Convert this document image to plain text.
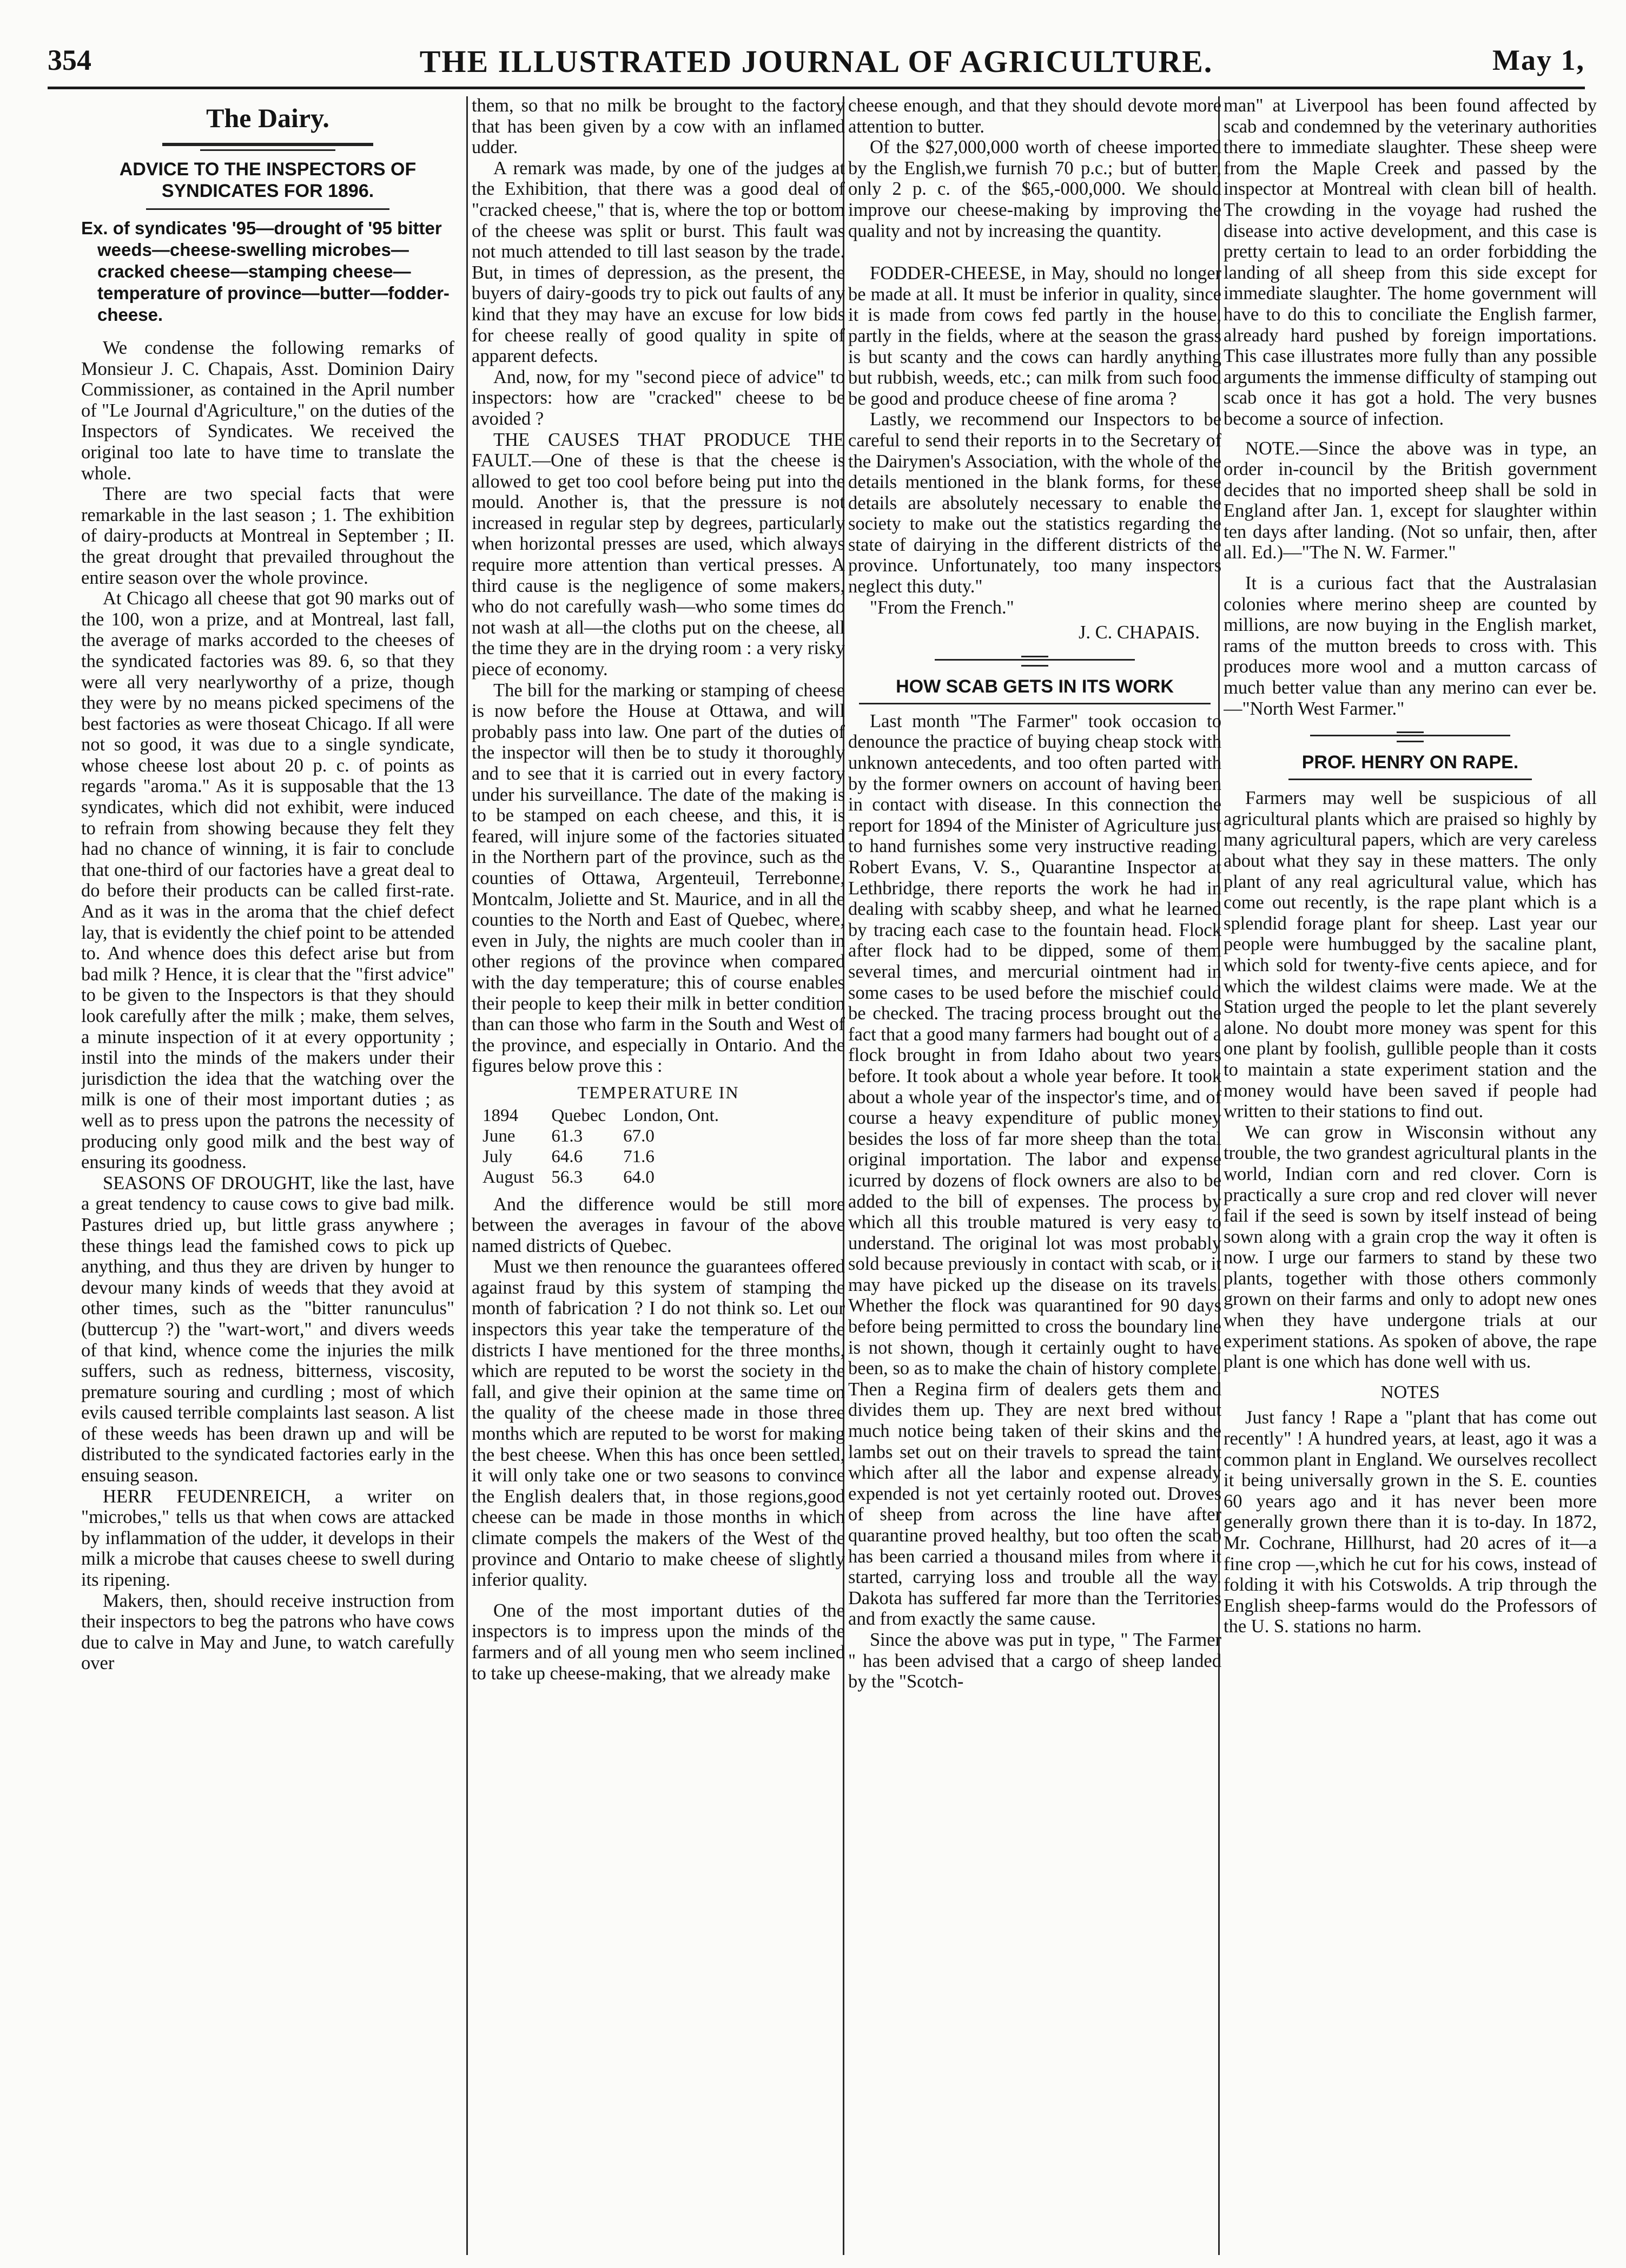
354	THE ILLUSTRATED JOURNAL OF AGRICULTURE.	May 1,
The Dairy.
ADVICE TO THE INSPECTORS OF SYNDICATES FOR 1896.
Ex. of syndicates '95—drought of '95 bitter weeds—cheese-swelling microbes—cracked cheese—stamping cheese—temperature of province—butter—fodder-cheese.

We condense the following remarks of Monsieur J. C. Chapais, Asst. Dominion Dairy Commissioner, as contained in the April number of "Le Journal d'Agriculture," on the duties of the Inspectors of Syndicates. We received the original too late to have time to translate the whole.

There are two special facts that were remarkable in the last season ; 1. The exhibition of dairy-products at Montreal in September ; II. the great drought that prevailed throughout the entire season over the whole province.

At Chicago all cheese that got 90 marks out of the 100, won a prize, and at Montreal, last fall, the average of marks accorded to the cheeses of the syndicated factories was 89. 6, so that they were all very nearlyworthy of a prize, though they were by no means picked specimens of the best factories as were thoseat Chicago. If all were not so good, it was due to a single syndicate, whose cheese lost about 20 p. c. of points as regards "aroma." As it is supposable that the 13 syndicates, which did not exhibit, were induced to refrain from showing because they felt they had no chance of winning, it is fair to conclude that one-third of our factories have a great deal to do before their products can be called first-rate. And as it was in the aroma that the chief defect lay, that is evidently the chief point to be attended to. And whence does this defect arise but from bad milk ? Hence, it is clear that the "first advice" to be given to the Inspectors is that they should look carefully after the milk ; make, them selves, a minute inspection of it at every opportunity ; instil into the minds of the makers under their jurisdiction the idea that the watching over the milk is one of their most important duties ; as well as to press upon the patrons the necessity of producing only good milk and the best way of ensuring its goodness.

SEASONS OF DROUGHT, like the last, have a great tendency to cause cows to give bad milk. Pastures dried up, but little grass anywhere ; these things lead the famished cows to pick up anything, and thus they are driven by hunger to devour many kinds of weeds that they avoid at other times, such as the "bitter ranunculus" (buttercup ?) the "wart-wort," and divers weeds of that kind, whence come the injuries the milk suffers, such as redness, bitterness, viscosity, premature souring and curdling ; most of which evils caused terrible complaints last season. A list of these weeds has been drawn up and will be distributed to the syndicated factories early in the ensuing season.

HERR FEUDENREICH, a writer on "microbes," tells us that when cows are attacked by inflammation of the udder, it develops in their milk a microbe that causes cheese to swell during its ripening.

Makers, then, should receive instruction from their inspectors to beg the patrons who have cows due to calve in May and June, to watch carefully over

them, so that no milk be brought to the factory that has been given by a cow with an inflamed udder.

A remark was made, by one of the judges at the Exhibition, that there was a good deal of "cracked cheese," that is, where the top or bottom of the cheese was split or burst. This fault was not much attended to till last season by the trade. But, in times of depression, as the present, the buyers of dairy-goods try to pick out faults of any kind that they may have an excuse for low bids for cheese really of good quality in spite of apparent defects.

And, now, for my "second piece of advice" to inspectors: how are "cracked" cheese to be avoided ?

THE CAUSES THAT PRODUCE THE FAULT.—One of these is that the cheese is allowed to get too cool before being put into the mould. Another is, that the pressure is not increased in regular step by degrees, particularly when horizontal presses are used, which always require more attention than vertical presses. A third cause is the negligence of some makers, who do not carefully wash—who some times do not wash at all—the cloths put on the cheese, all the time they are in the drying room : a very risky piece of economy.

The bill for the marking or stamping of cheese is now before the House at Ottawa, and will probably pass into law. One part of the duties of the inspector will then be to study it thoroughly and to see that it is carried out in every factory under his surveillance. The date of the making is to be stamped on each cheese, and this, it is feared, will injure some of the factories situated in the Northern part of the province, such as the counties of Ottawa, Argenteuil, Terrebonne, Montcalm, Joliette and St. Maurice, and in all the counties to the North and East of Quebec, where, even in July, the nights are much cooler than in other regions of the province when compared with the day temperature; this of course enables their people to keep their milk in better condition than can those who farm in the South and West of the province, and especially in Ontario. And the figures below prove this :

TEMPERATURE IN
1894	Quebec	London, Ont.
June	61.3	67.0
July	64.6	71.6
August	56.3	64.0

And the difference would be still more between the averages in favour of the above named districts of Quebec.

Must we then renounce the guarantees offered against fraud by this system of stamping the month of fabrication ? I do not think so. Let our inspectors this year take the temperature of the districts I have mentioned for the three months, which are reputed to be worst the society in the fall, and give their opinion at the same time on the quality of the cheese made in those three months which are reputed to be worst for making the best cheese. When this has once been settled, it will only take one or two seasons to convince the English dealers that, in those regions,good cheese can be made in those months in which climate compels the makers of the West of the province and Ontario to make cheese of slightly inferior quality.

One of the most important duties of the inspectors is to impress upon the minds of the farmers and of all young men who seem inclined to take up cheese-making, that we already make

cheese enough, and that they should devote more attention to butter.

Of the $27,000,000 worth of cheese imported by the English,we furnish 70 p.c.; but of butter, only 2 p. c. of the $65,-000,000. We should improve our cheese-making by improving the quality and not by increasing the quantity.

FODDER-CHEESE, in May, should no longer be made at all. It must be inferior in quality, since it is made from cows fed partly in the house, partly in the fields, where at the season the grass is but scanty and the cows can hardly anything but rubbish, weeds, etc.; can milk from such food be good and produce cheese of fine aroma ?

Lastly, we recommend our Inspectors to be careful to send their reports in to the Secretary of the Dairymen's Association, with the whole of the details mentioned in the blank forms, for these details are absolutely necessary to enable the society to make out the statistics regarding the state of dairying in the different districts of the province. Unfortunately, too many inspectors neglect this duty."

"From the French."

J. C. CHAPAIS.
HOW SCAB GETS IN ITS WORK

Last month "The Farmer" took occasion to denounce the practice of buying cheap stock with unknown antecedents, and too often parted with by the former owners on account of having been in contact with disease. In this connection the report for 1894 of the Minister of Agriculture just to hand furnishes some very instructive reading. Robert Evans, V. S., Quarantine Inspector at Lethbridge, there reports the work he had in dealing with scabby sheep, and what he learned by tracing each case to the fountain head. Flock after flock had to be dipped, some of them several times, and mercurial ointment had in some cases to be used before the mischief could be checked. The tracing process brought out the fact that a good many farmers had bought out of a flock brought in from Idaho about two years before. It took about a whole year before. It took about a whole year of the inspector's time, and of course a heavy expenditure of public money besides the loss of far more sheep than the total original importation. The labor and expense icurred by dozens of flock owners are also to be added to the bill of expenses. The process by which all this trouble matured is very easy to understand. The original lot was most probably sold because previously in contact with scab, or it may have picked up the disease on its travels. Whether the flock was quarantined for 90 days before being permitted to cross the boundary line is not shown, though it certainly ought to have been, so as to make the chain of history complete. Then a Regina firm of dealers gets them and divides them up. They are next bred without much notice being taken of their skins and the lambs set out on their travels to spread the taint which after all the labor and expense already expended is not yet certainly rooted out. Droves of sheep from across the line have after quarantine proved healthy, but too often the scab has been carried a thousand miles from where it started, carrying loss and trouble all the way. Dakota has suffered far more than the Territories and from exactly the same cause.

Since the above was put in type, " The Farmer " has been advised that a cargo of sheep landed by the "Scotch-

man" at Liverpool has been found affected by scab and condemned by the veterinary authorities there to immediate slaughter. These sheep were from the Maple Creek and passed by the inspector at Montreal with clean bill of health. The crowding in the voyage had rushed the disease into active development, and this case is pretty certain to lead to an order forbidding the landing of all sheep from this side except for immediate slaughter. The home government will have to do this to conciliate the English farmer, already hard pushed by foreign importations. This case illustrates more fully than any possible arguments the immense difficulty of stamping out scab once it has got a hold. The very busnes become a source of infection.

NOTE.—Since the above was in type, an order in-council by the British government decides that no imported sheep shall be sold in England after Jan. 1, except for slaughter within ten days after landing. (Not so unfair, then, after all. Ed.)—"The N. W. Farmer."

It is a curious fact that the Australasian colonies where merino sheep are counted by millions, are now buying in the English market, rams of the mutton breeds to cross with. This produces more wool and a mutton carcass of much better value than any merino can ever be.—"North West Farmer."

PROF. HENRY ON RAPE.

Farmers may well be suspicious of all agricultural plants which are praised so highly by many agricultural papers, which are very careless about what they say in these matters. The only plant of any real agricultural value, which has come out recently, is the rape plant which is a splendid forage plant for sheep. Last year our people were humbugged by the sacaline plant, which sold for twenty-five cents apiece, and for which the wildest claims were made. We at the Station urged the people to let the plant severely alone. No doubt more money was spent for this one plant by foolish, gullible people than it costs to maintain a state experiment station and the money would have been saved if people had written to their stations to find out.

We can grow in Wisconsin without any trouble, the two grandest agricultural plants in the world, Indian corn and red clover. Corn is practically a sure crop and red clover will never fail if the seed is sown by itself instead of being sown along with a grain crop the way it often is now. I urge our farmers to stand by these two plants, together with those others commonly grown on their farms and only to adopt new ones when they have undergone trials at our experiment stations. As spoken of above, the rape plant is one which has done well with us.

NOTES

Just fancy ! Rape a "plant that has come out recently" ! A hundred years, at least, ago it was a common plant in England. We ourselves recollect it being universally grown in the S. E. counties 60 years ago and it has never been more generally grown there than it is to-day. In 1872, Mr. Cochrane, Hillhurst, had 20 acres of it—a fine crop —,which he cut for his cows, instead of folding it with his Cotswolds. A trip through the English sheep-farms would do the Professors of the U. S. stations no harm.
